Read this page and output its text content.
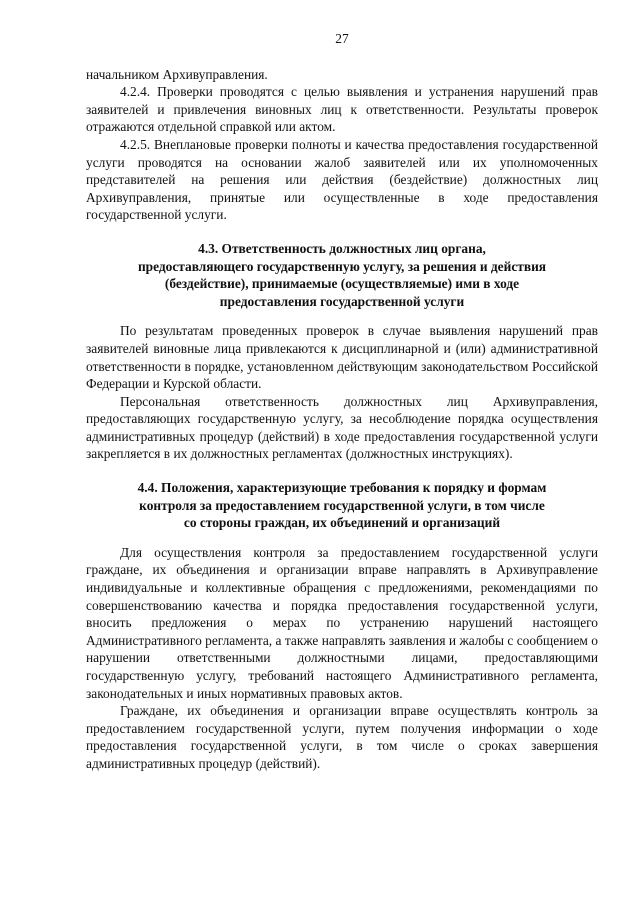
27

начальником Архивуправления.

4.2.4. Проверки проводятся с целью выявления и устранения нарушений прав заявителей и привлечения виновных лиц к ответственности. Результаты проверок отражаются отдельной справкой или актом.

4.2.5. Внеплановые проверки полноты и качества предоставления государственной услуги проводятся на основании жалоб заявителей или их уполномоченных представителей на решения или действия (бездействие) должностных лиц Архивуправления, принятые или осуществленные в ходе предоставления государственной услуги.

4.3. Ответственность должностных лиц органа,
предоставляющего государственную услугу, за решения и действия
(бездействие), принимаемые (осуществляемые) ими в ходе
предоставления государственной услуги

По результатам проведенных проверок в случае выявления нарушений прав заявителей виновные лица привлекаются к дисциплинарной и (или) административной ответственности в порядке, установленном действующим законодательством Российской Федерации и Курской области.

Персональная ответственность должностных лиц Архивуправления, предоставляющих государственную услугу, за несоблюдение порядка осуществления административных процедур (действий) в ходе предоставления государственной услуги закрепляется в их должностных регламентах (должностных инструкциях).

4.4. Положения, характеризующие требования к порядку и формам
контроля за предоставлением государственной услуги, в том числе
со стороны граждан, их объединений и организаций

Для осуществления контроля за предоставлением государственной услуги граждане, их объединения и организации вправе направлять в Архивуправление индивидуальные и коллективные обращения с предложениями, рекомендациями по совершенствованию качества и порядка предоставления государственной услуги, вносить предложения о мерах по устранению нарушений настоящего Административного регламента, а также направлять заявления и жалобы с сообщением о нарушении ответственными должностными лицами, предоставляющими государственную услугу, требований настоящего Административного регламента, законодательных и иных нормативных правовых актов.

Граждане, их объединения и организации вправе осуществлять контроль за предоставлением государственной услуги, путем получения информации о ходе предоставления государственной услуги, в том числе о сроках завершения административных процедур (действий).
